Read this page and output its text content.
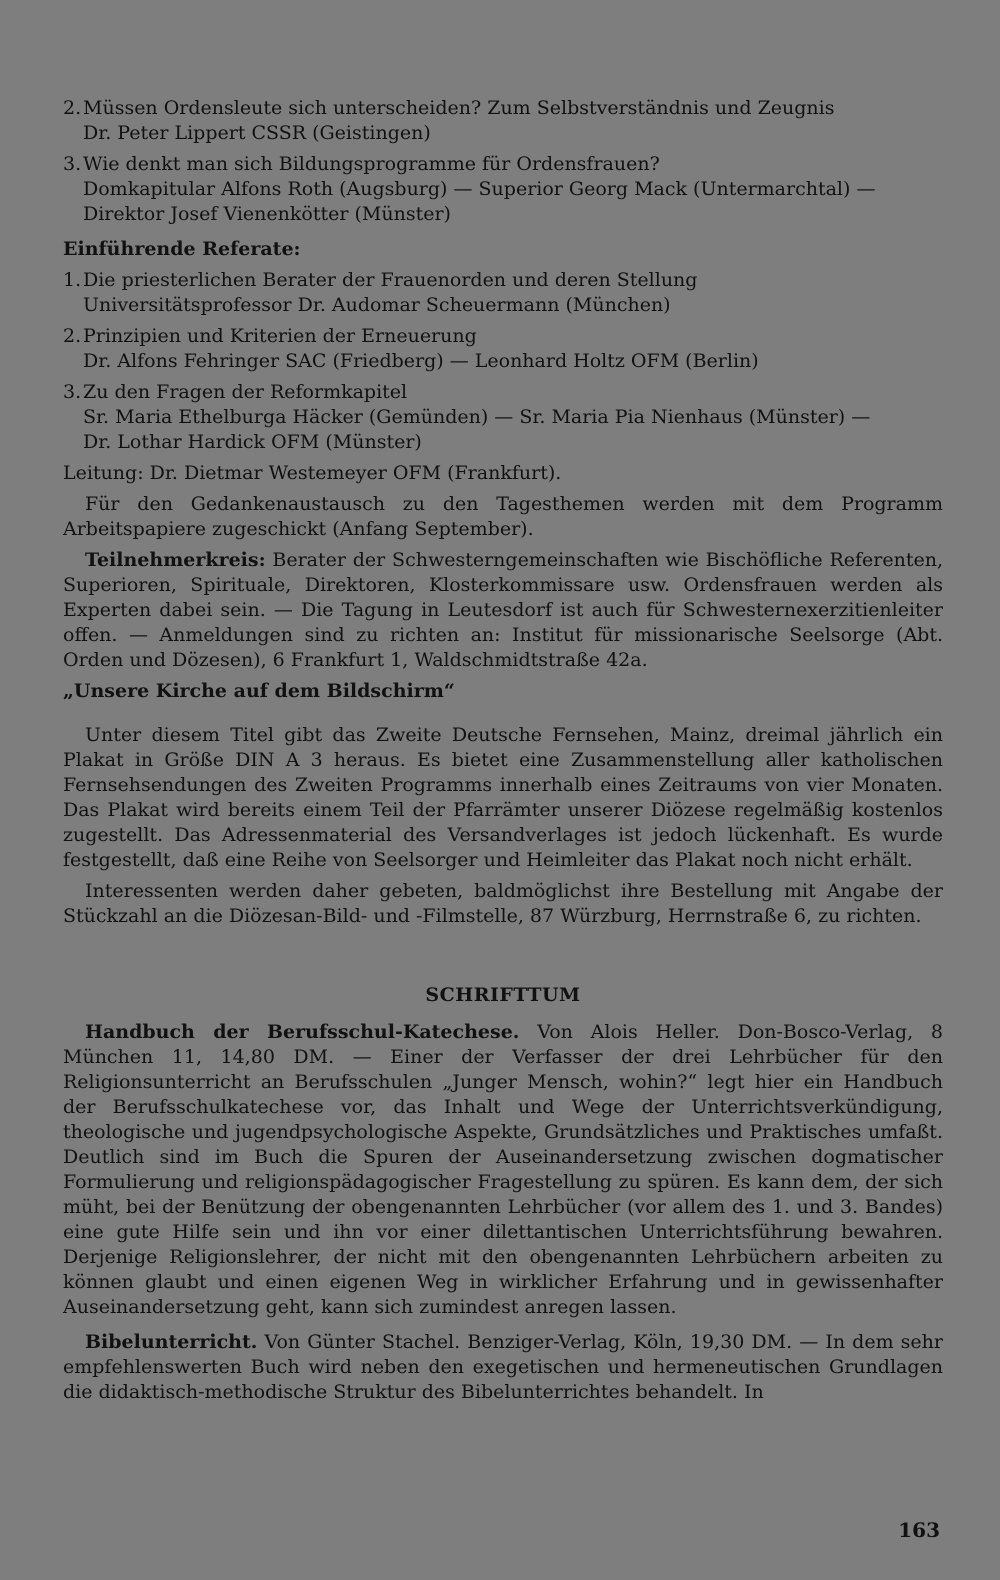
2. Müssen Ordensleute sich unterscheiden? Zum Selbstverständnis und Zeugnis

Dr. Peter Lippert CSSR (Geistingen)

3. Wie denkt man sich Bildungsprogramme für Ordensfrauen?

Domkapitular Alfons Roth (Augsburg) — Superior Georg Mack (Untermarchtal) —

Direktor Josef Vienenkötter (Münster)

Einführende Referate:

1. Die priesterlichen Berater der Frauenorden und deren Stellung

Universitätsprofessor Dr. Audomar Scheuermann (München)

2. Prinzipien und Kriterien der Erneuerung

Dr. Alfons Fehringer SAC (Friedberg) — Leonhard Holtz OFM (Berlin)

3. Zu den Fragen der Reformkapitel

Sr. Maria Ethelburga Häcker (Gemünden) — Sr. Maria Pia Nienhaus (Münster) —

Dr. Lothar Hardick OFM (Münster)

Leitung: Dr. Dietmar Westemeyer OFM (Frankfurt).

Für den Gedankenaustausch zu den Tagesthemen werden mit dem Programm Arbeitspapiere zugeschickt (Anfang September).

Teilnehmerkreis: Berater der Schwesterngemeinschaften wie Bischöfliche Referenten, Superioren, Spirituale, Direktoren, Klosterkommissare usw. Ordensfrauen werden als Experten dabei sein. — Die Tagung in Leutesdorf ist auch für Schwesternexerzitienleiter offen. — Anmeldungen sind zu richten an: Institut für missionarische Seelsorge (Abt. Orden und Dözesen), 6 Frankfurt 1, Waldschmidtstraße 42a.

„Unsere Kirche auf dem Bildschirm“

Unter diesem Titel gibt das Zweite Deutsche Fernsehen, Mainz, dreimal jährlich ein Plakat in Größe DIN A 3 heraus. Es bietet eine Zusammenstellung aller katholischen Fernsehsendungen des Zweiten Programms innerhalb eines Zeitraums von vier Monaten. Das Plakat wird bereits einem Teil der Pfarrämter unserer Diözese regelmäßig kostenlos zugestellt. Das Adressenmaterial des Versandverlages ist jedoch lückenhaft. Es wurde festgestellt, daß eine Reihe von Seelsorger und Heimleiter das Plakat noch nicht erhält.

Interessenten werden daher gebeten, baldmöglichst ihre Bestellung mit Angabe der Stückzahl an die Diözesan-Bild- und -Filmstelle, 87 Würzburg, Herrnstraße 6, zu richten.

SCHRIFTTUM

Handbuch der Berufsschul-Katechese. Von Alois Heller. Don-Bosco-Verlag, 8 München 11, 14,80 DM. — Einer der Verfasser der drei Lehrbücher für den Religionsunterricht an Berufsschulen „Junger Mensch, wohin?“ legt hier ein Handbuch der Berufsschulkatechese vor, das Inhalt und Wege der Unterrichtsverkündigung, theologische und jugendpsychologische Aspekte, Grundsätzliches und Praktisches umfaßt. Deutlich sind im Buch die Spuren der Auseinandersetzung zwischen dogmatischer Formulierung und religionspädagogischer Fragestellung zu spüren. Es kann dem, der sich müht, bei der Benützung der obengenannten Lehrbücher (vor allem des 1. und 3. Bandes) eine gute Hilfe sein und ihn vor einer dilettantischen Unterrichtsführung bewahren. Derjenige Religionslehrer, der nicht mit den obengenannten Lehrbüchern arbeiten zu können glaubt und einen eigenen Weg in wirklicher Erfahrung und in gewissenhafter Auseinandersetzung geht, kann sich zumindest anregen lassen.

Bibelunterricht. Von Günter Stachel. Benziger-Verlag, Köln, 19,30 DM. — In dem sehr empfehlenswerten Buch wird neben den exegetischen und hermeneutischen Grundlagen die didaktisch-methodische Struktur des Bibelunterrichtes behandelt. In

163
